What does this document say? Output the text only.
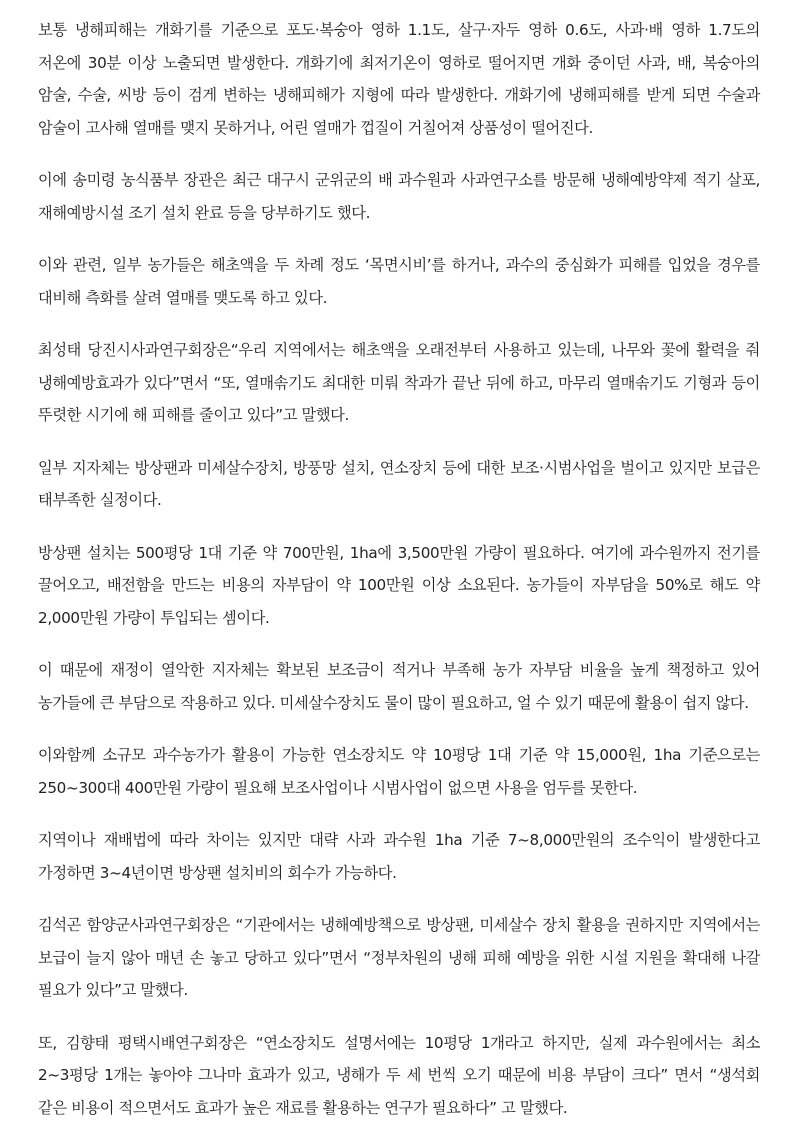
보통 냉해피해는 개화기를 기준으로 포도·복숭아 영하 1.1도, 살구·자두 영하 0.6도, 사과·배 영하 1.7도의 저온에 30분 이상 노출되면 발생한다. 개화기에 최저기온이 영하로 떨어지면 개화 중이던 사과, 배, 복숭아의 암술, 수술, 씨방 등이 검게 변하는 냉해피해가 지형에 따라 발생한다. 개화기에 냉해피해를 받게 되면 수술과 암술이 고사해 열매를 맺지 못하거나, 어린 열매가 껍질이 거칠어져 상품성이 떨어진다.

이에 송미령 농식품부 장관은 최근 대구시 군위군의 배 과수원과 사과연구소를 방문해 냉해예방약제 적기 살포, 재해예방시설 조기 설치 완료 등을 당부하기도 했다.

이와 관련, 일부 농가들은 해초액을 두 차례 정도 ‘목면시비’를 하거나, 과수의 중심화가 피해를 입었을 경우를 대비해 측화를 살려 열매를 맺도록 하고 있다.

최성태 당진시사과연구회장은“우리 지역에서는 해초액을 오래전부터 사용하고 있는데, 나무와 꽃에 활력을 줘 냉해예방효과가 있다”면서 “또, 열매솎기도 최대한 미뤄 착과가 끝난 뒤에 하고, 마무리 열매솎기도 기형과 등이 뚜렷한 시기에 해 피해를 줄이고 있다”고 말했다.

일부 지자체는 방상팬과 미세살수장치, 방풍망 설치, 연소장치 등에 대한 보조·시범사업을 벌이고 있지만 보급은 태부족한 실정이다.

방상팬 설치는 500평당 1대 기준 약 700만원, 1ha에 3,500만원 가량이 필요하다. 여기에 과수원까지 전기를 끌어오고, 배전함을 만드는 비용의 자부담이 약 100만원 이상 소요된다. 농가들이 자부담을 50%로 해도 약 2,000만원 가량이 투입되는 셈이다.

이 때문에 재정이 열악한 지자체는 확보된 보조금이 적거나 부족해 농가 자부담 비율을 높게 책정하고 있어 농가들에 큰 부담으로 작용하고 있다. 미세살수장치도 물이 많이 필요하고, 얼 수 있기 때문에 활용이 쉽지 않다.

이와함께 소규모 과수농가가 활용이 가능한 연소장치도 약 10평당 1대 기준 약 15,000원, 1ha 기준으로는 250~300대 400만원 가량이 필요해 보조사업이나 시범사업이 없으면 사용을 엄두를 못한다.

지역이나 재배법에 따라 차이는 있지만 대략 사과 과수원 1ha 기준 7~8,000만원의 조수익이 발생한다고 가정하면 3~4년이면 방상팬 설치비의 회수가 가능하다.

김석곤 함양군사과연구회장은 “기관에서는 냉해예방책으로 방상팬, 미세살수 장치 활용을 권하지만 지역에서는 보급이 늘지 않아 매년 손 놓고 당하고 있다”면서 “정부차원의 냉해 피해 예방을 위한 시설 지원을 확대해 나갈 필요가 있다”고 말했다.

또, 김향태 평택시배연구회장은 “연소장치도 설명서에는 10평당 1개라고 하지만, 실제 과수원에서는 최소 2~3평당 1개는 놓아야 그나마 효과가 있고, 냉해가 두 세 번씩 오기 때문에 비용 부담이 크다” 면서 “생석회 같은 비용이 적으면서도 효과가 높은 재료를 활용하는 연구가 필요하다” 고 말했다.
